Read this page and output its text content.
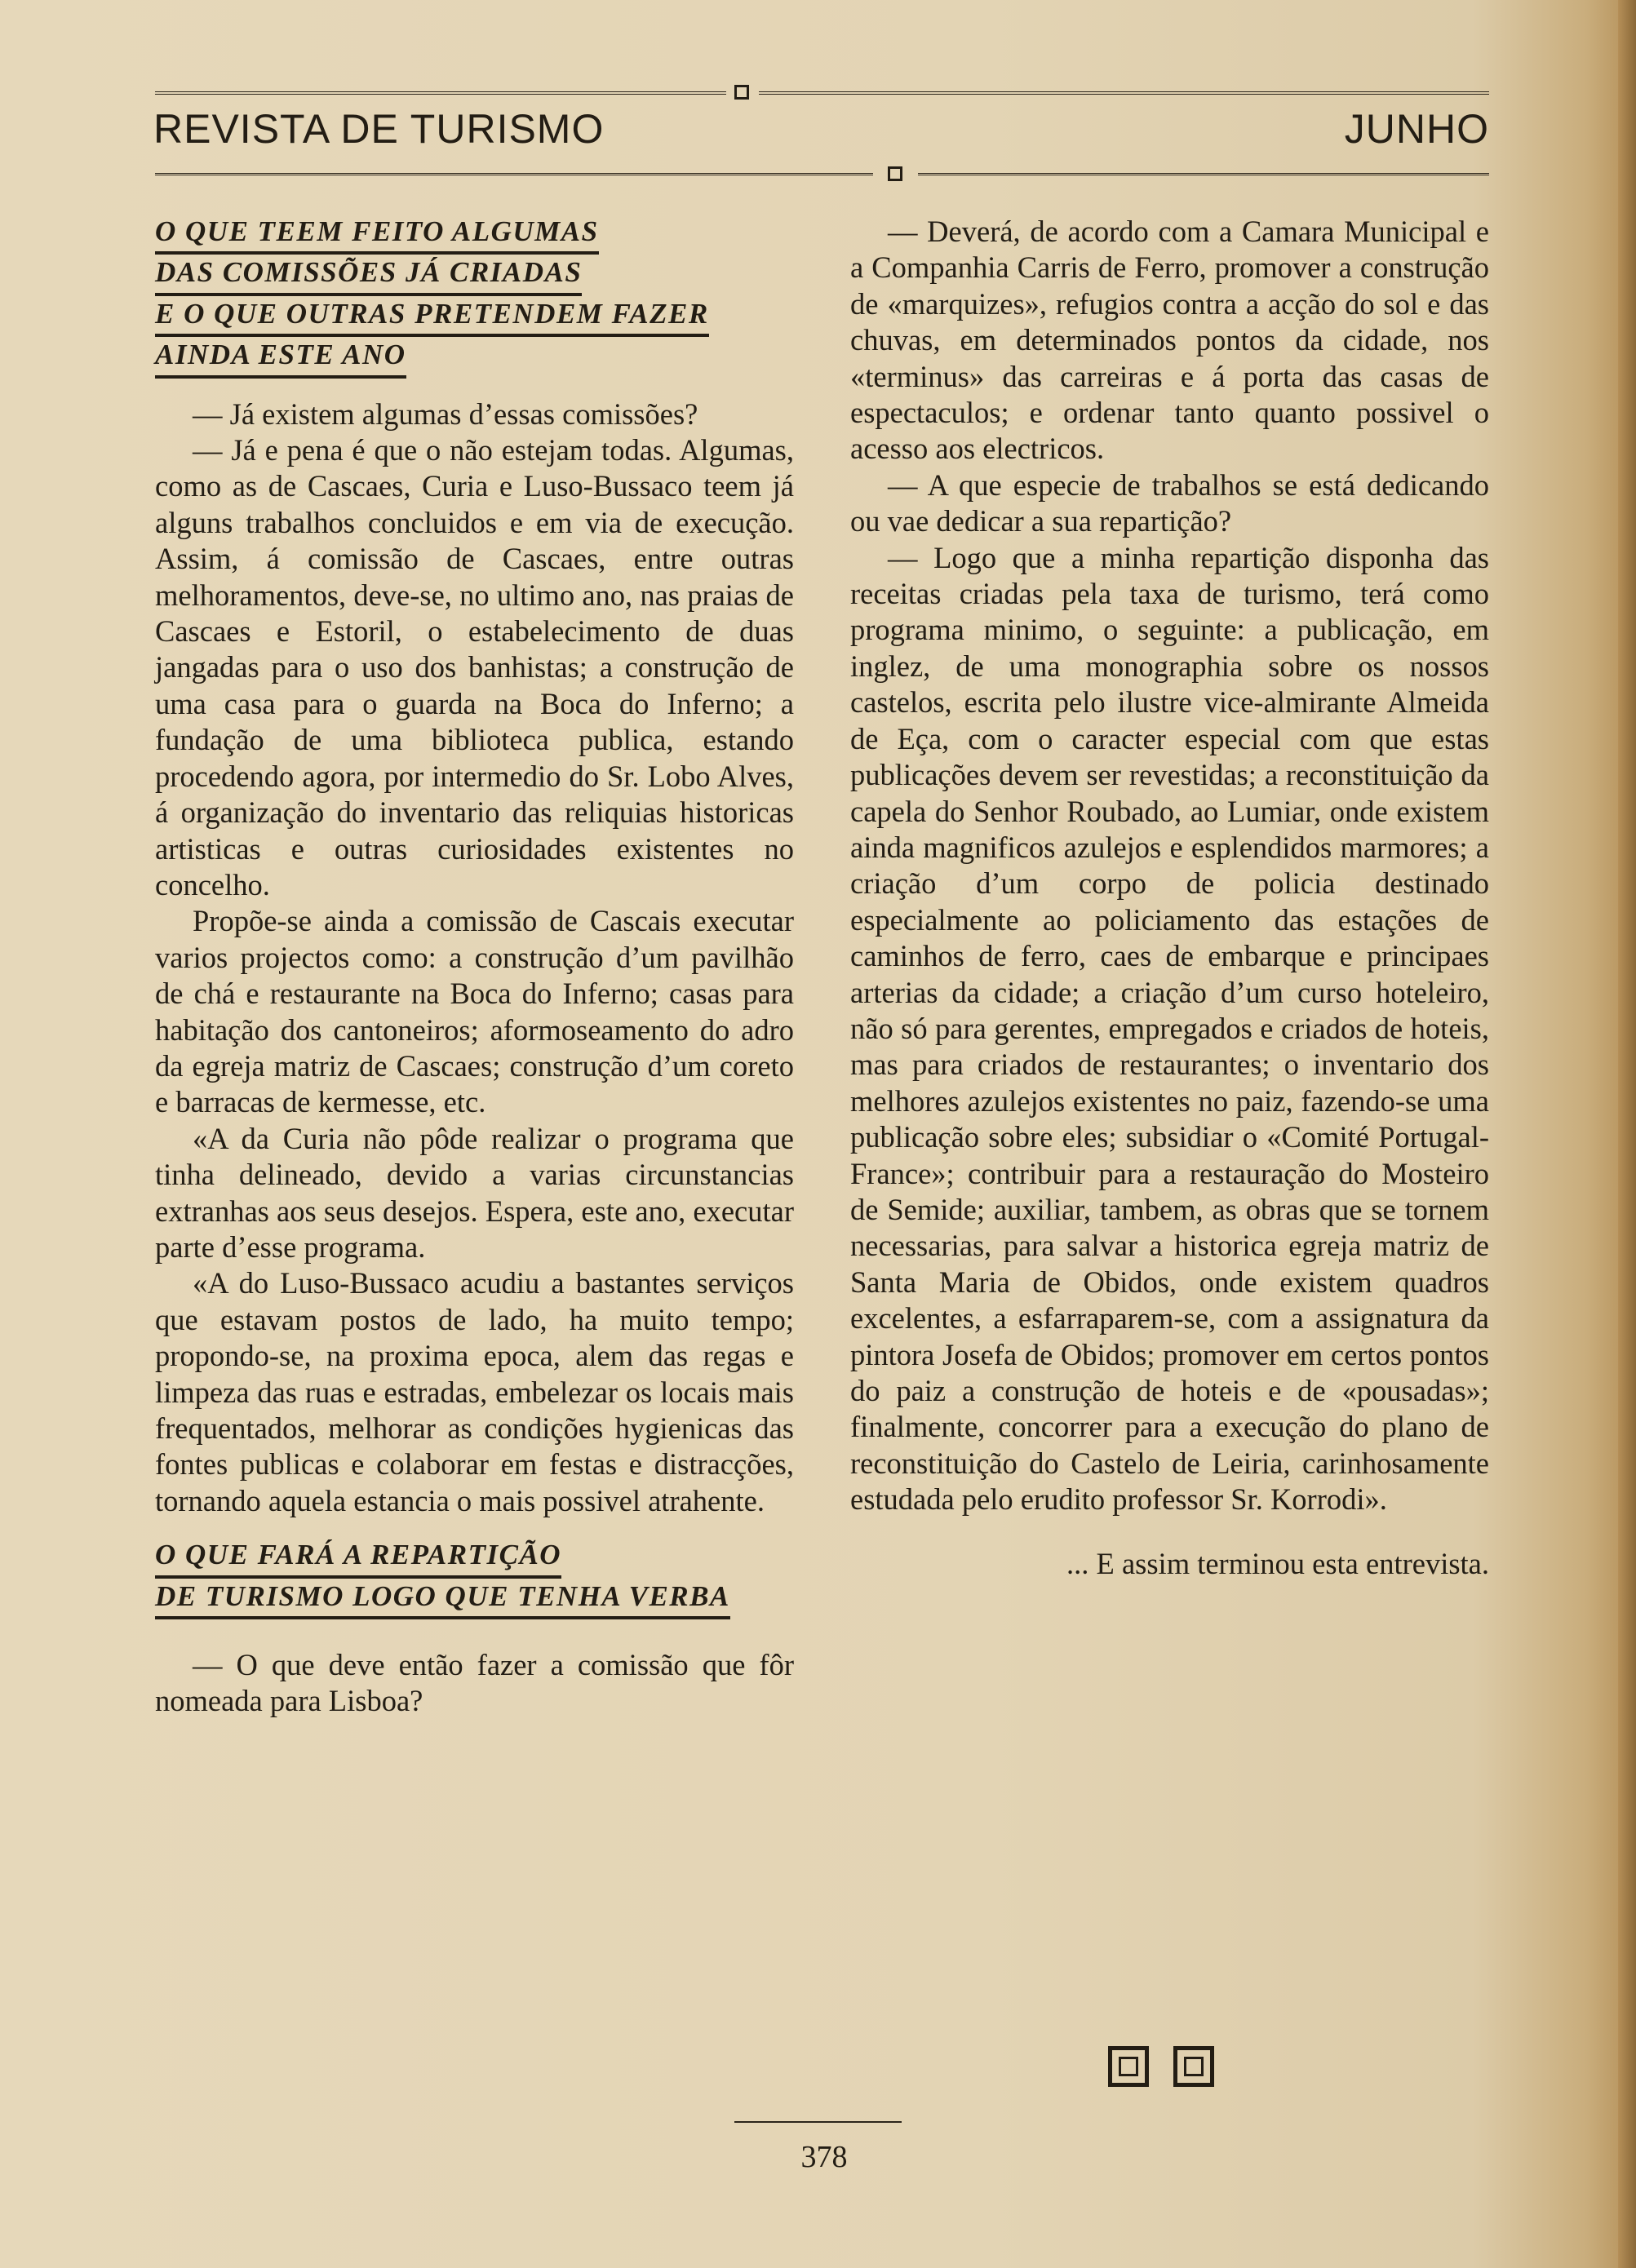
REVISTA DE TURISMO	JUNHO
O QUE TEEM FEITO ALGUMAS
DAS COMISSÕES JÁ CRIADAS
E O QUE OUTRAS PRETENDEM FAZER
AINDA ESTE ANO

— Já existem algumas d’essas comissões?

— Já e pena é que o não estejam todas. Algumas, como as de Cascaes, Curia e Luso-Bussaco teem já alguns trabalhos concluidos e em via de execução. Assim, á comissão de Cascaes, entre outras melhoramentos, deve-se, no ultimo ano, nas praias de Cascaes e Estoril, o estabelecimento de duas jangadas para o uso dos banhistas; a construção de uma casa para o guarda na Boca do Inferno; a fundação de uma biblioteca publica, estando procedendo agora, por intermedio do Sr. Lobo Alves, á organização do inventario das reliquias historicas artisticas e outras curiosidades existentes no concelho.

Propõe-se ainda a comissão de Cascais executar varios projectos como: a construção d’um pavilhão de chá e restaurante na Boca do Inferno; casas para habitação dos cantoneiros; aformoseamento do adro da egreja matriz de Cascaes; construção d’um coreto e barracas de kermesse, etc.

«A da Curia não pôde realizar o programa que tinha delineado, devido a varias circunstancias extranhas aos seus desejos. Espera, este ano, executar parte d’esse programa.

«A do Luso-Bussaco acudiu a bastantes serviços que estavam postos de lado, ha muito tempo; propondo-se, na proxima epoca, alem das regas e limpeza das ruas e estradas, embelezar os locais mais frequentados, melhorar as condições hygienicas das fontes publicas e colaborar em festas e distracções, tornando aquela estancia o mais possivel atrahente.

O QUE FARÁ A REPARTIÇÃO
DE TURISMO LOGO QUE TENHA VERBA

— O que deve então fazer a comissão que fôr nomeada para Lisboa?

— Deverá, de acordo com a Camara Municipal e a Companhia Carris de Ferro, promover a construção de «marquizes», refugios contra a acção do sol e das chuvas, em determinados pontos da cidade, nos «terminus» das carreiras e á porta das casas de espectaculos; e ordenar tanto quanto possivel o acesso aos electricos.

— A que especie de trabalhos se está dedicando ou vae dedicar a sua repartição?

— Logo que a minha repartição disponha das receitas criadas pela taxa de turismo, terá como programa minimo, o seguinte: a publicação, em inglez, de uma monographia sobre os nossos castelos, escrita pelo ilustre vice-almirante Almeida de Eça, com o caracter especial com que estas publicações devem ser revestidas; a reconstituição da capela do Senhor Roubado, ao Lumiar, onde existem ainda magnificos azulejos e esplendidos marmores; a criação d’um corpo de policia destinado especialmente ao policiamento das estações de caminhos de ferro, caes de embarque e principaes arterias da cidade; a criação d’um curso hoteleiro, não só para gerentes, empregados e criados de hoteis, mas para criados de restaurantes; o inventario dos melhores azulejos existentes no paiz, fazendo-se uma publicação sobre eles; subsidiar o «Comité Portugal-France»; contribuir para a restauração do Mosteiro de Semide; auxiliar, tambem, as obras que se tornem necessarias, para salvar a historica egreja matriz de Santa Maria de Obidos, onde existem quadros excelentes, a esfarraparem-se, com a assignatura da pintora Josefa de Obidos; promover em certos pontos do paiz a construção de hoteis e de «pousadas»; finalmente, concorrer para a execução do plano de reconstituição do Castelo de Leiria, carinhosamente estudada pelo erudito professor Sr. Korrodi».

... E assim terminou esta entrevista.

378
